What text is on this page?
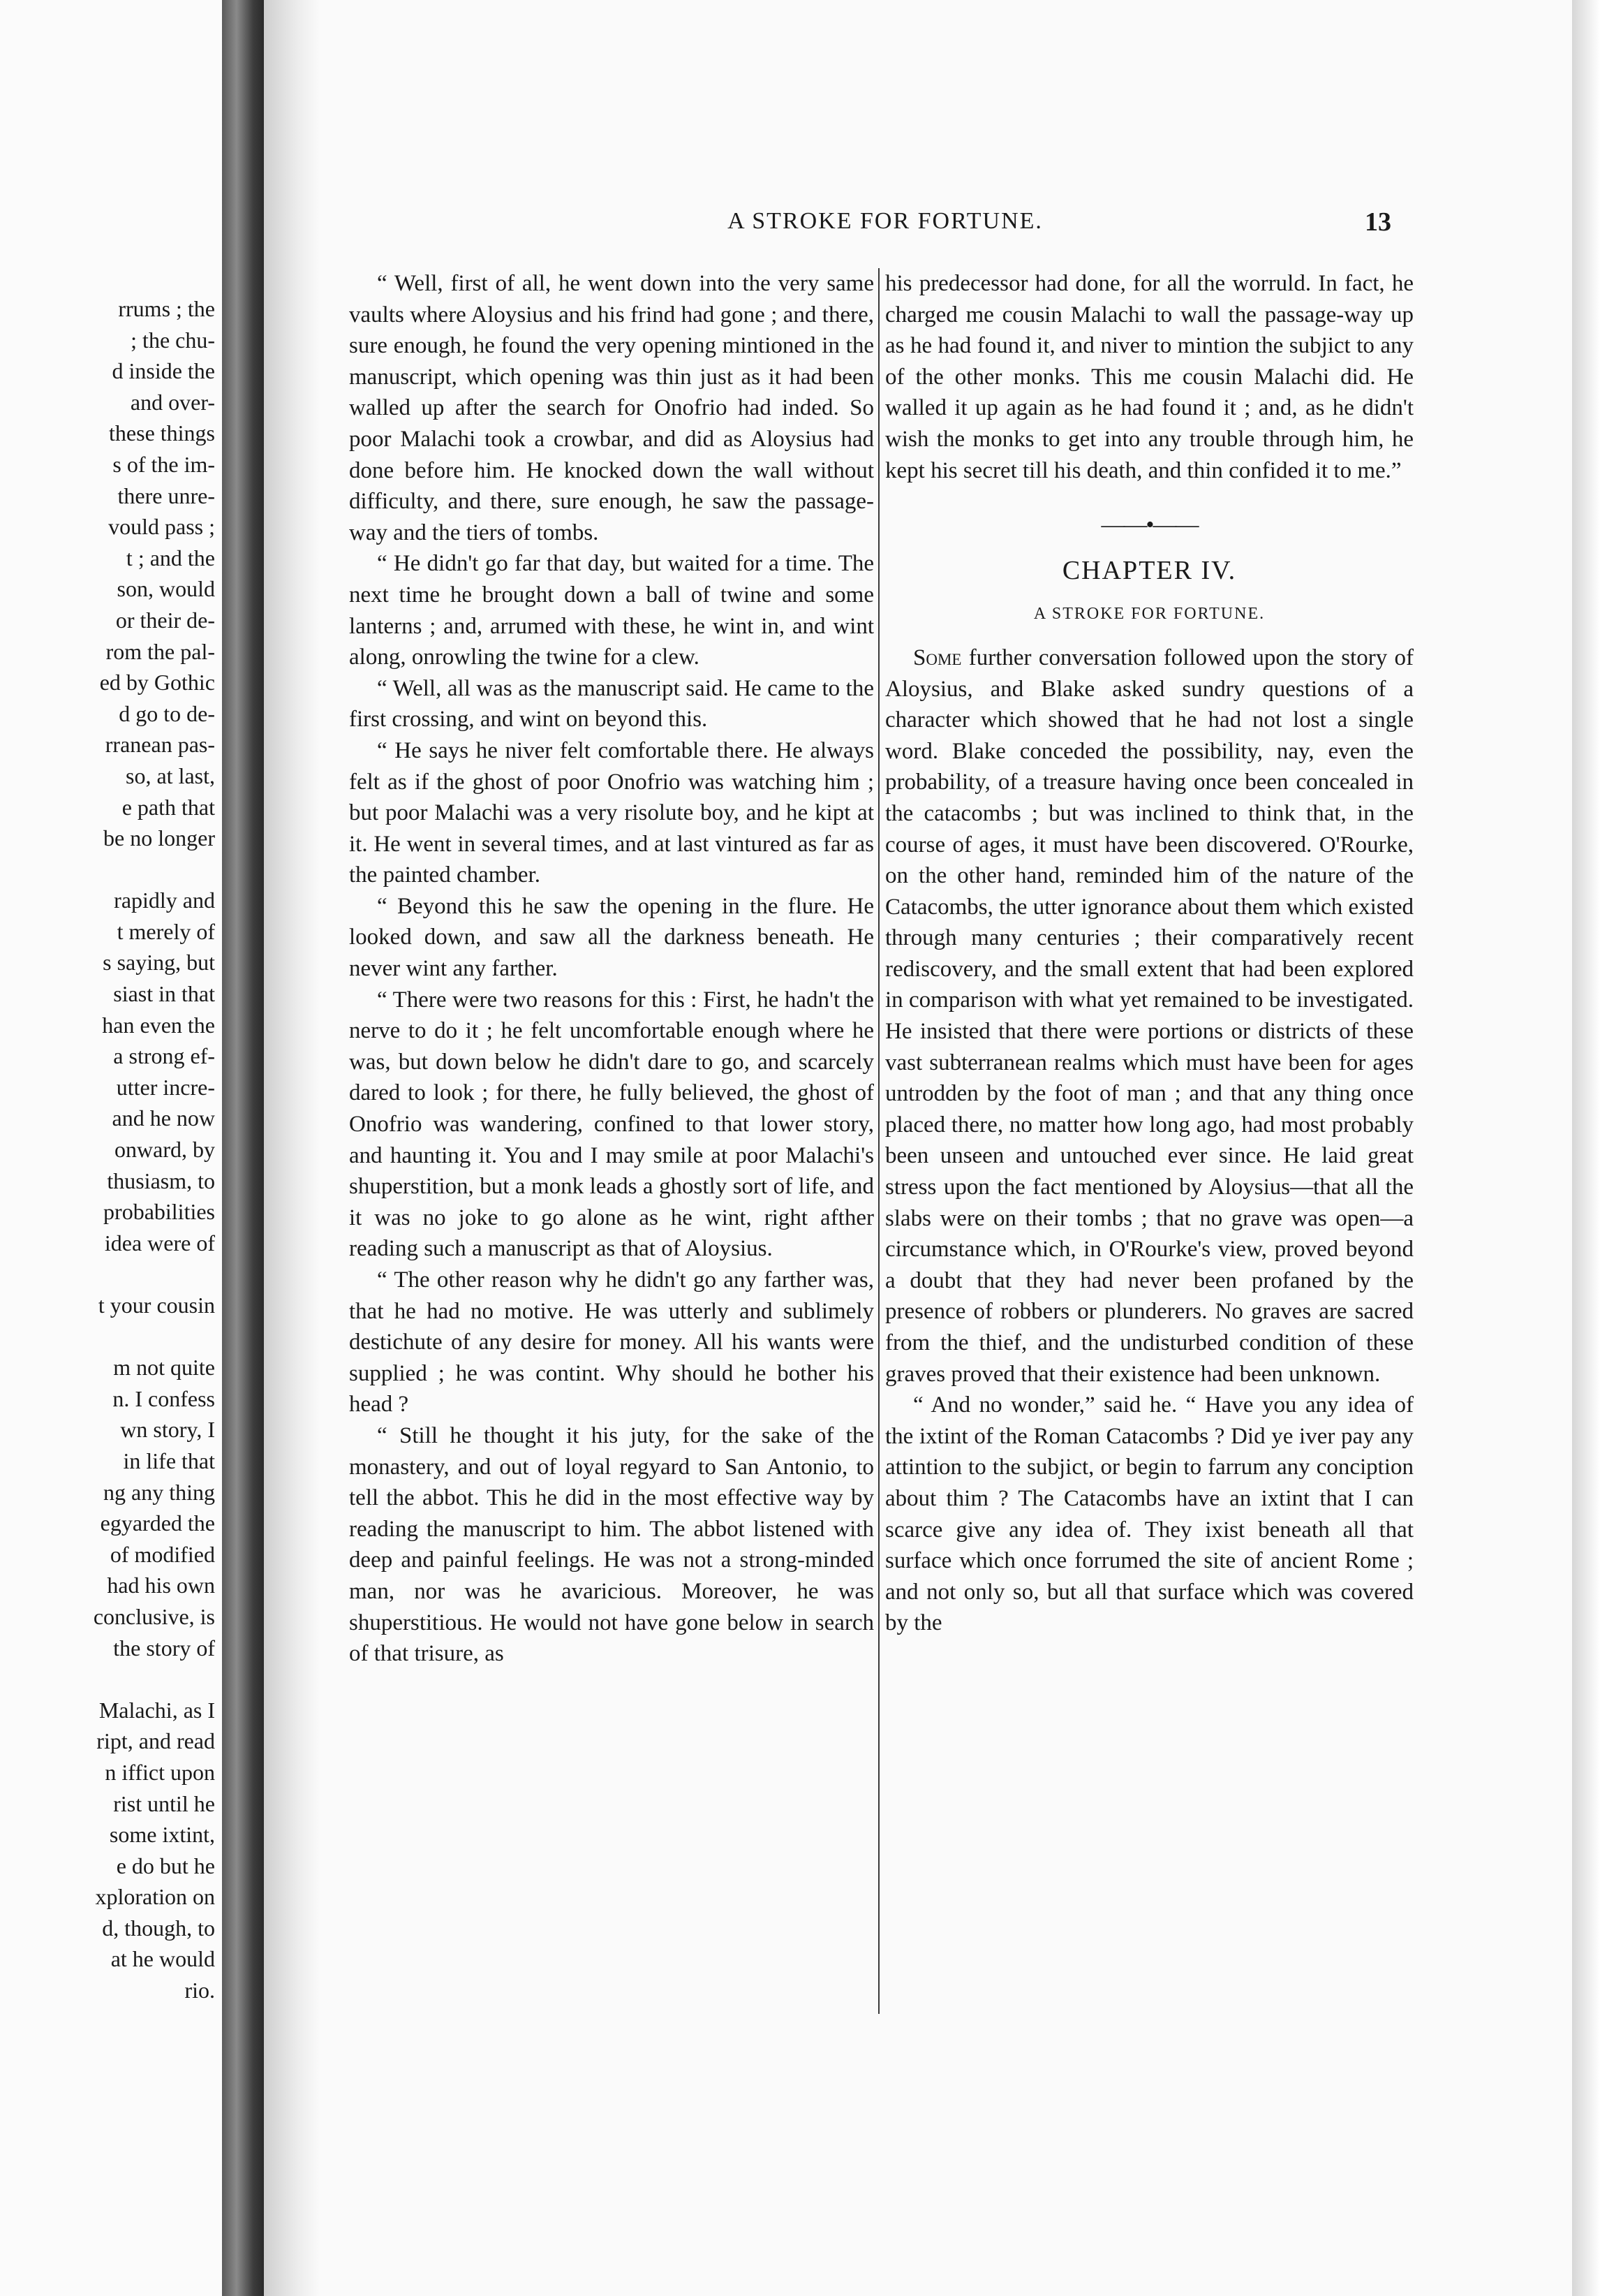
rrums ; the
; the chu-
d inside the
and over-
these things
s of the im-
there unre-
vould pass ;
t ; and the
son, would
or their de-
rom the pal-
ed by Gothic
d go to de-
rranean pas-
so, at last,
e path that
be no longer
rapidly and
t merely of
s saying, but
siast in that
han even the
a strong ef-
utter incre-
and he now
onward, by
thusiasm, to
probabilities
idea were of
t your cousin
m not quite
n. I confess
wn story, I
in life that
ng any thing
egyarded the
of modified
had his own
conclusive, is
the story of
Malachi, as I
ript, and read
n iffict upon
rist until he
some ixtint,
e do but he
xploration on
d, though, to
at he would
rio.
A STROKE FOR FORTUNE.	13

“ Well, first of all, he went down into the very same vaults where Aloysius and his frind had gone ; and there, sure enough, he found the very opening mintioned in the manuscript, which opening was thin just as it had been walled up after the search for Onofrio had inded. So poor Malachi took a crowbar, and did as Aloysius had done before him. He knocked down the wall without difficulty, and there, sure enough, he saw the passage-way and the tiers of tombs.

“ He didn't go far that day, but waited for a time. The next time he brought down a ball of twine and some lanterns ; and, arrumed with these, he wint in, and wint along, onrowling the twine for a clew.

“ Well, all was as the manuscript said. He came to the first crossing, and wint on beyond this.

“ He says he niver felt comfortable there. He always felt as if the ghost of poor Onofrio was watching him ; but poor Malachi was a very risolute boy, and he kipt at it. He went in several times, and at last vintured as far as the painted chamber.

“ Beyond this he saw the opening in the flure. He looked down, and saw all the darkness beneath. He never wint any farther.

“ There were two reasons for this : First, he hadn't the nerve to do it ; he felt uncomfortable enough where he was, but down below he didn't dare to go, and scarcely dared to look ; for there, he fully believed, the ghost of Onofrio was wandering, confined to that lower story, and haunting it. You and I may smile at poor Malachi's shuperstition, but a monk leads a ghostly sort of life, and it was no joke to go alone as he wint, right afther reading such a manuscript as that of Aloysius.

“ The other reason why he didn't go any farther was, that he had no motive. He was utterly and sublimely destichute of any desire for money. All his wants were supplied ; he was contint. Why should he bother his head ?

“ Still he thought it his juty, for the sake of the monastery, and out of loyal regyard to San Antonio, to tell the abbot. This he did in the most effective way by reading the manuscript to him. The abbot listened with deep and painful feelings. He was not a strong-minded man, nor was he avaricious. Moreover, he was shuperstitious. He would not have gone below in search of that trisure, as

his predecessor had done, for all the worruld. In fact, he charged me cousin Malachi to wall the passage-way up as he had found it, and niver to mintion the subjict to any of the other monks. This me cousin Malachi did. He walled it up again as he had found it ; and, as he didn't wish the monks to get into any trouble through him, he kept his secret till his death, and thin confided it to me.”

——•——
CHAPTER IV.
A STROKE FOR FORTUNE.

Some further conversation followed upon the story of Aloysius, and Blake asked sundry questions of a character which showed that he had not lost a single word. Blake conceded the possibility, nay, even the probability, of a treasure having once been concealed in the catacombs ; but was inclined to think that, in the course of ages, it must have been discovered. O'Rourke, on the other hand, reminded him of the nature of the Catacombs, the utter ignorance about them which existed through many centuries ; their comparatively recent rediscovery, and the small extent that had been explored in comparison with what yet remained to be investigated. He insisted that there were portions or districts of these vast subterranean realms which must have been for ages untrodden by the foot of man ; and that any thing once placed there, no matter how long ago, had most probably been unseen and untouched ever since. He laid great stress upon the fact mentioned by Aloysius—that all the slabs were on their tombs ; that no grave was open—a circumstance which, in O'Rourke's view, proved beyond a doubt that they had never been profaned by the presence of robbers or plunderers. No graves are sacred from the thief, and the undisturbed condition of these graves proved that their existence had been unknown.

“ And no wonder,” said he. “ Have you any idea of the ixtint of the Roman Catacombs ? Did ye iver pay any attintion to the subjict, or begin to farrum any conciption about thim ? The Catacombs have an ixtint that I can scarce give any idea of. They ixist beneath all that surface which once forrumed the site of ancient Rome ; and not only so, but all that surface which was covered by the
